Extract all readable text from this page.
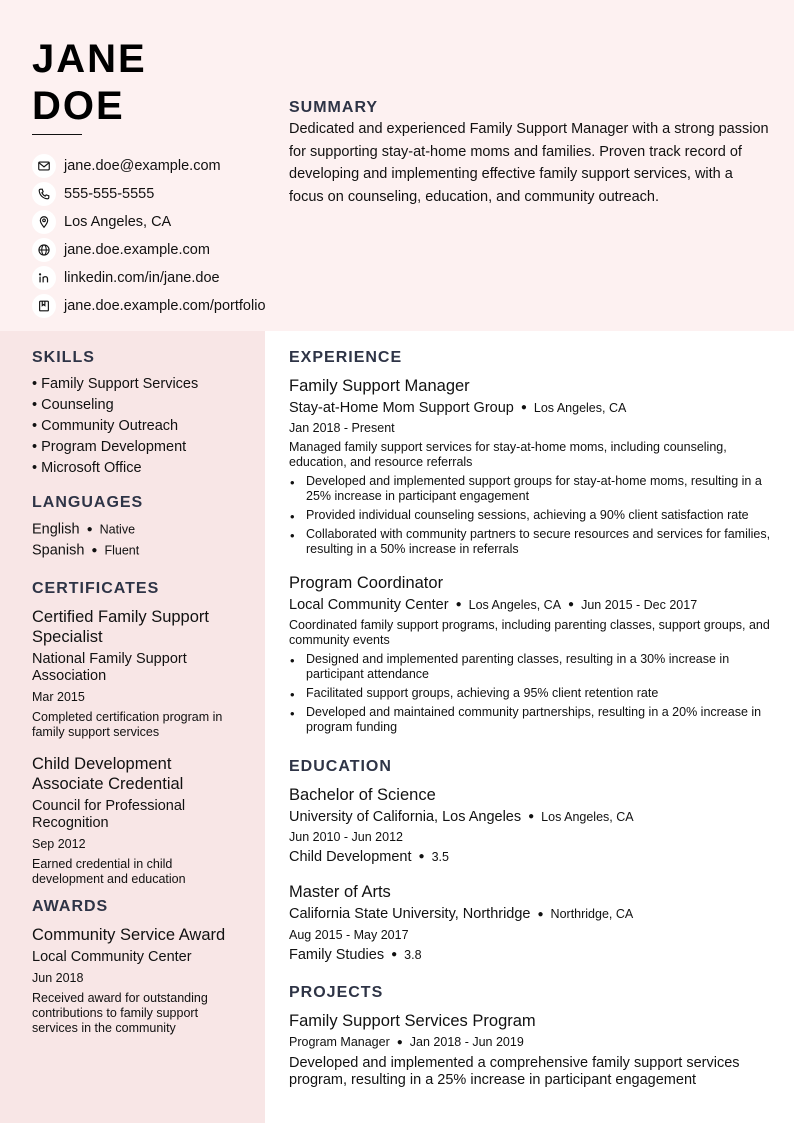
JANE
DOE
jane.doe@example.com
555-555-5555
Los Angeles, CA
jane.doe.example.com
linkedin.com/in/jane.doe
jane.doe.example.com/portfolio
SUMMARY

Dedicated and experienced Family Support Manager with a strong passion for supporting stay-at-home moms and families. Proven track record of developing and implementing effective family support services, with a focus on counseling, education, and community outreach.

SKILLS
• Family Support Services
• Counseling
• Community Outreach
• Program Development
• Microsoft Office
LANGUAGES
English ● Native
Spanish ● Fluent
CERTIFICATES
Certified Family Support Specialist
National Family Support Association
Mar 2015
Completed certification program in family support services
Child Development Associate Credential
Council for Professional Recognition
Sep 2012
Earned credential in child development and education
AWARDS
Community Service Award
Local Community Center
Jun 2018
Received award for outstanding contributions to family support services in the community
EXPERIENCE
Family Support Manager
Stay-at-Home Mom Support Group ● Los Angeles, CA
Jan 2018 - Present
Managed family support services for stay-at-home moms, including counseling, education, and resource referrals
• Developed and implemented support groups for stay-at-home moms, resulting in a 25% increase in participant engagement
• Provided individual counseling sessions, achieving a 90% client satisfaction rate
• Collaborated with community partners to secure resources and services for families, resulting in a 50% increase in referrals
Program Coordinator
Local Community Center ● Los Angeles, CA ● Jun 2015 - Dec 2017
Coordinated family support programs, including parenting classes, support groups, and community events
• Designed and implemented parenting classes, resulting in a 30% increase in participant attendance
• Facilitated support groups, achieving a 95% client retention rate
• Developed and maintained community partnerships, resulting in a 20% increase in program funding
EDUCATION
Bachelor of Science
University of California, Los Angeles ● Los Angeles, CA
Jun 2010 - Jun 2012
Child Development ● 3.5
Master of Arts
California State University, Northridge ● Northridge, CA
Aug 2015 - May 2017
Family Studies ● 3.8
PROJECTS
Family Support Services Program
Program Manager ● Jan 2018 - Jun 2019
Developed and implemented a comprehensive family support services program, resulting in a 25% increase in participant engagement
